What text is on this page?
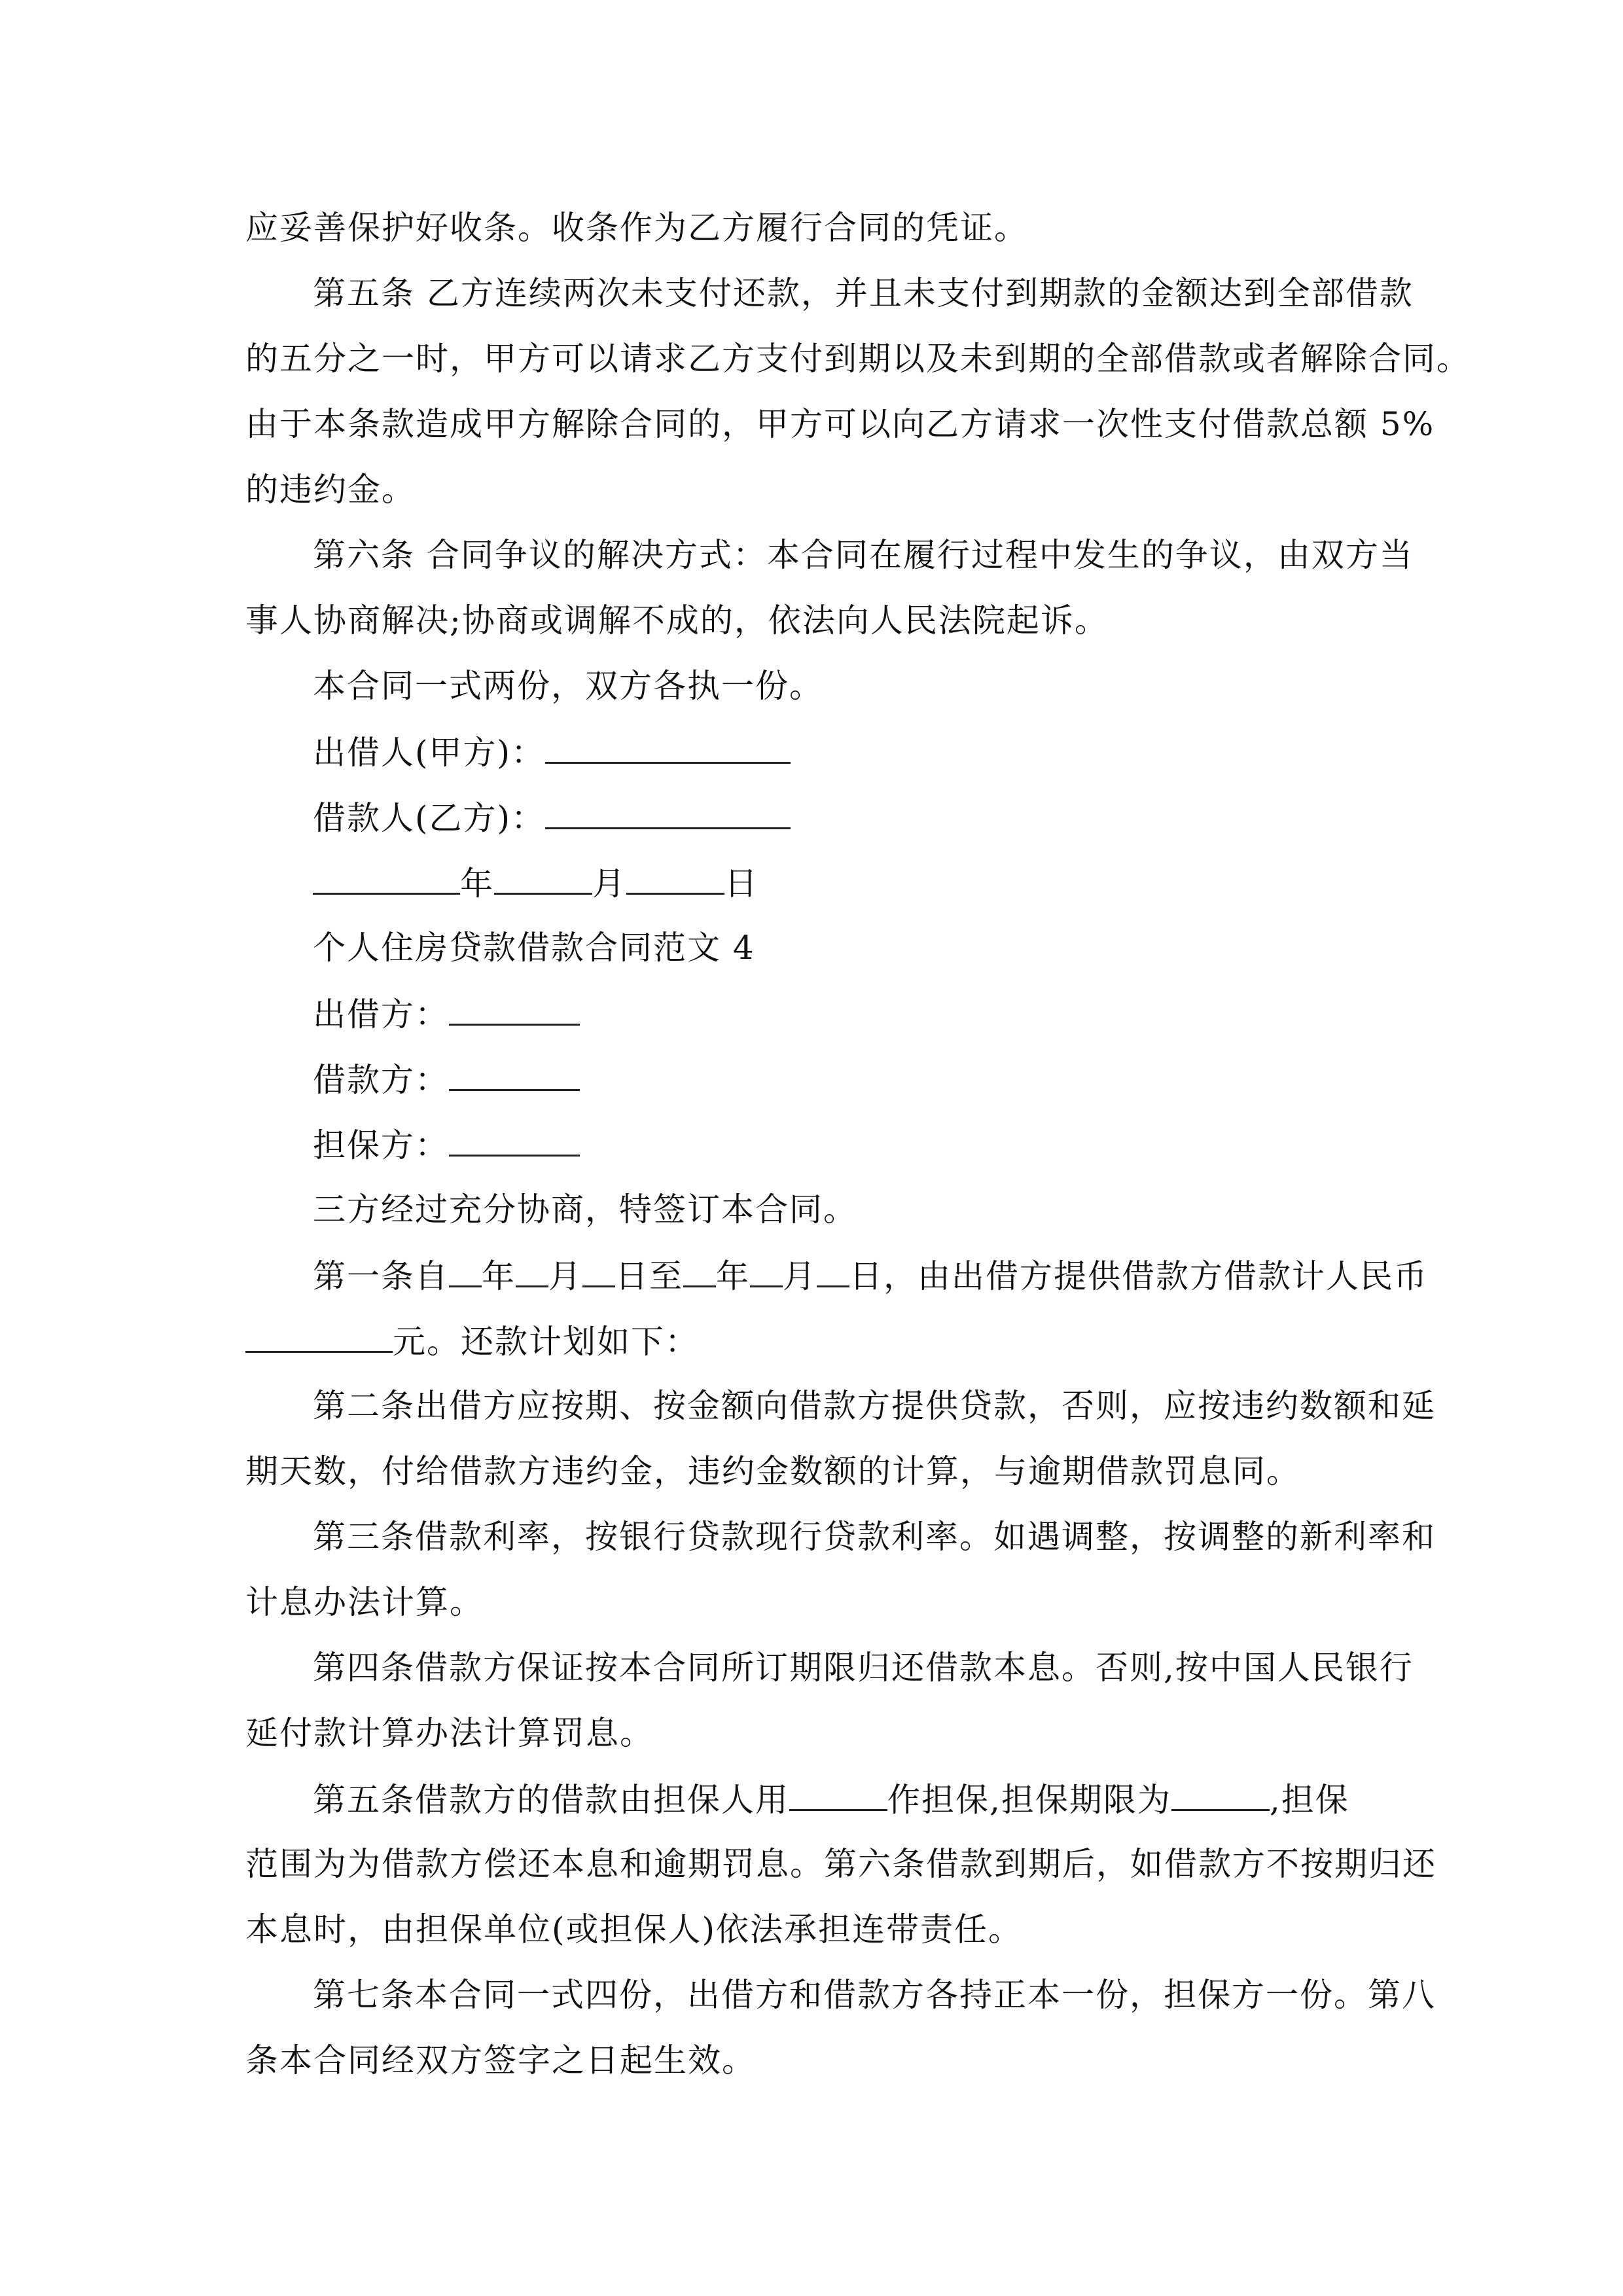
应妥善保护好收条。收条作为乙方履行合同的凭证。
第五条 乙方连续两次未支付还款，并且未支付到期款的金额达到全部借款
的五分之一时，甲方可以请求乙方支付到期以及未到期的全部借款或者解除合同。
由于本条款造成甲方解除合同的，甲方可以向乙方请求一次性支付借款总额 5%
的违约金。
第六条 合同争议的解决方式：本合同在履行过程中发生的争议，由双方当
事人协商解决;协商或调解不成的，依法向人民法院起诉。
本合同一式两份，双方各执一份。
出借人(甲方)：
借款人(乙方)：
年	月	日
个人住房贷款借款合同范文 4
出借方：
借款方：
担保方：
三方经过充分协商，特签订本合同。
第一条自 年 月 日至 年 月 日，由出借方提供借款方借款计人民币
元。还款计划如下：
第二条出借方应按期、按金额向借款方提供贷款，否则，应按违约数额和延
期天数，付给借款方违约金，违约金数额的计算，与逾期借款罚息同。
第三条借款利率，按银行贷款现行贷款利率。如遇调整，按调整的新利率和
计息办法计算。
第四条借款方保证按本合同所订期限归还借款本息。否则,按中国人民银行
延付款计算办法计算罚息。
第五条借款方的借款由担保人用	作担保,担保期限为	,担保
范围为为借款方偿还本息和逾期罚息。第六条借款到期后，如借款方不按期归还
本息时，由担保单位(或担保人)依法承担连带责任。
第七条本合同一式四份，出借方和借款方各持正本一份，担保方一份。第八
条本合同经双方签字之日起生效。
